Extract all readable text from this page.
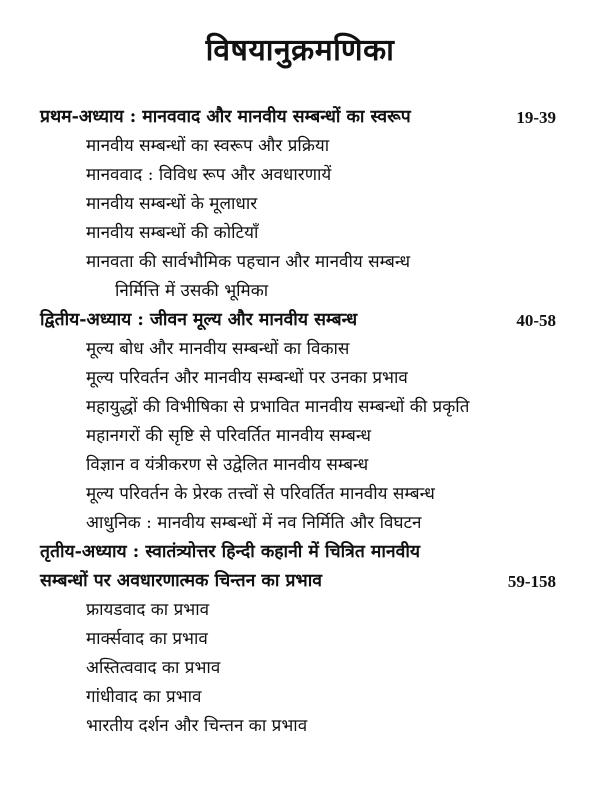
विषयानुक्रमणिका
प्रथम-अध्याय : मानववाद और मानवीय सम्बन्धों का स्वरूप	19-39
मानवीय सम्बन्धों का स्वरूप और प्रक्रिया
मानववाद : विविध रूप और अवधारणायें
मानवीय सम्बन्धों के मूलाधार
मानवीय सम्बन्धों की कोटियाँ
मानवता की सार्वभौमिक पहचान और मानवीय सम्बन्ध
निर्मित्ति में उसकी भूमिका
द्वितीय-अध्याय : जीवन मूल्य और मानवीय सम्बन्ध	40-58
मूल्य बोध और मानवीय सम्बन्धों का विकास
मूल्य परिवर्तन और मानवीय सम्बन्धों पर उनका प्रभाव
महायुद्धों की विभीषिका से प्रभावित मानवीय सम्बन्धों की प्रकृति
महानगरों की सृष्टि से परिवर्तित मानवीय सम्बन्ध
विज्ञान व यंत्रीकरण से उद्वेलित मानवीय सम्बन्ध
मूल्य परिवर्तन के प्रेरक तत्त्वों से परिवर्तित मानवीय सम्बन्ध
आधुनिक : मानवीय सम्बन्धों में नव निर्मिति और विघटन
तृतीय-अध्याय : स्वातंत्र्योत्तर हिन्दी कहानी में चित्रित मानवीय
सम्बन्धों पर अवधारणात्मक चिन्तन का प्रभाव	59-158
फ्रायडवाद का प्रभाव
मार्क्सवाद का प्रभाव
अस्तित्ववाद का प्रभाव
गांधीवाद का प्रभाव
भारतीय दर्शन और चिन्तन का प्रभाव
